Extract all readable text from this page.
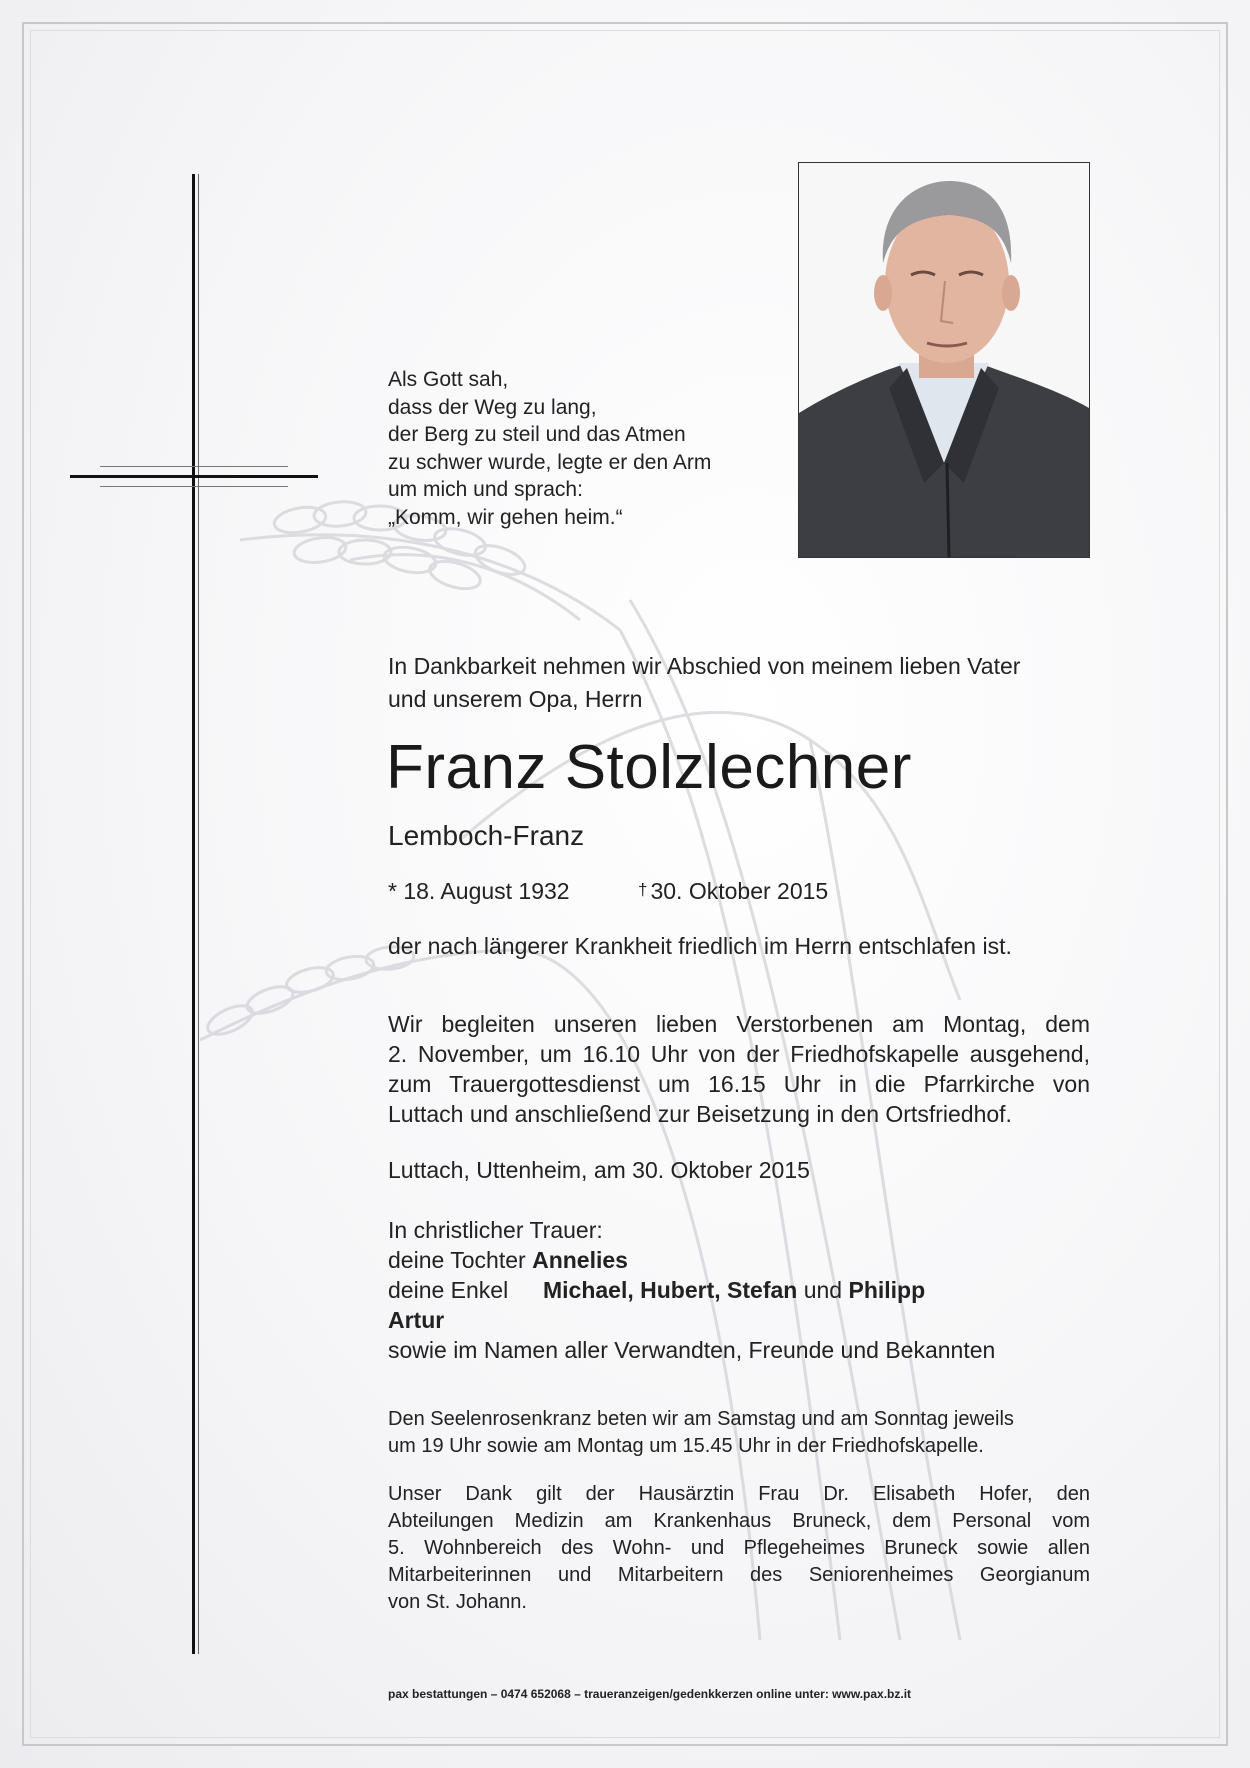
Als Gott sah,
dass der Weg zu lang,
der Berg zu steil und das Atmen
zu schwer wurde, legte er den Arm
um mich und sprach:
„Komm, wir gehen heim.“
In Dankbarkeit nehmen wir Abschied von meinem lieben Vater
und unserem Opa, Herrn
Franz Stolzlechner
Lemboch-Franz
* 18. August 1932	† 30. Oktober 2015
der nach längerer Krankheit friedlich im Herrn entschlafen ist.
Wir begleiten unseren lieben Verstorbenen am Montag, dem
2. November, um 16.10 Uhr von der Friedhofskapelle ausgehend,
zum Trauergottesdienst um 16.15 Uhr in die Pfarrkirche von
Luttach und anschließend zur Beisetzung in den Ortsfriedhof.
Luttach, Uttenheim, am 30. Oktober 2015
In christlicher Trauer:
deine Tochter Annelies
deine Enkel Michael, Hubert, Stefan und Philipp
Artur
sowie im Namen aller Verwandten, Freunde und Bekannten
Den Seelenrosenkranz beten wir am Samstag und am Sonntag jeweils
um 19 Uhr sowie am Montag um 15.45 Uhr in der Friedhofskapelle.
Unser Dank gilt der Hausärztin Frau Dr. Elisabeth Hofer, den
Abteilungen Medizin am Krankenhaus Bruneck, dem Personal vom
5. Wohnbereich des Wohn- und Pflegeheimes Bruneck sowie allen
Mitarbeiterinnen und Mitarbeitern des Seniorenheimes Georgianum
von St. Johann.
pax bestattungen – 0474 652068 – traueranzeigen/gedenkkerzen online unter: www.pax.bz.it
